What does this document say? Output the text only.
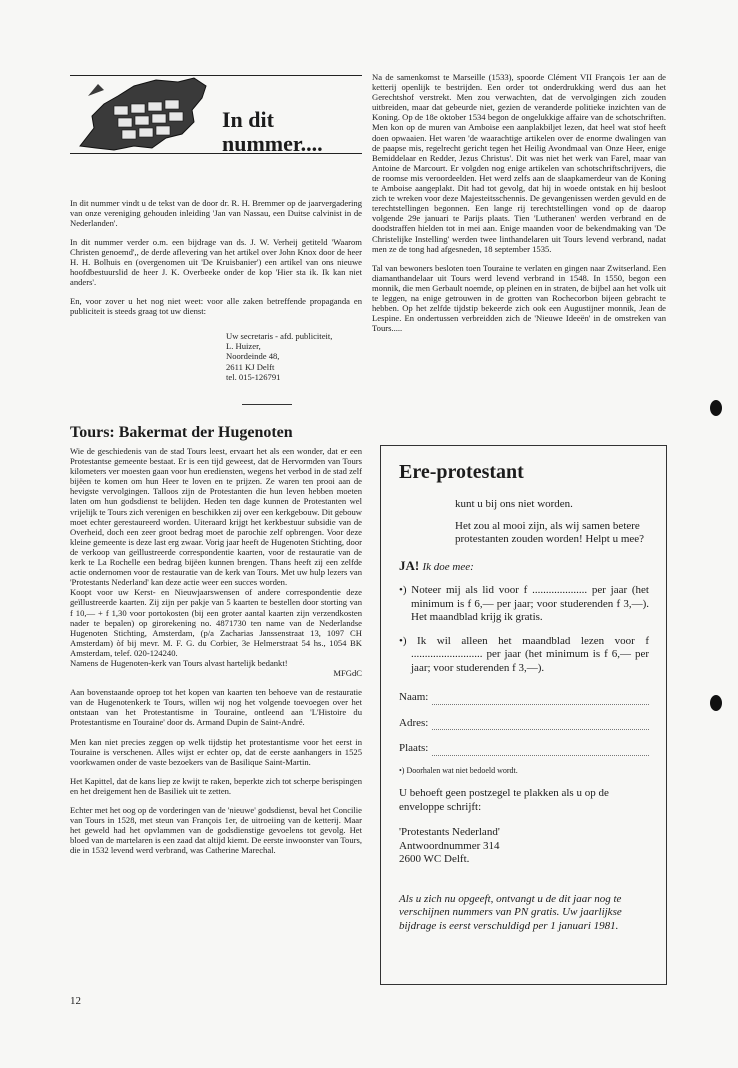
In dit nummer....

In dit nummer vindt u de tekst van de door dr. R. H. Bremmer op de jaarvergadering van onze vereniging gehouden inleiding 'Jan van Nassau, een Duitse calvinist in de Nederlanden'.

In dit nummer verder o.m. een bijdrage van ds. J. W. Verheij getiteld 'Waarom Christen genoemd',, de derde aflevering van het artikel over John Knox door de heer H. H. Bolhuis en (overgenomen uit 'De Kruisbanier') een artikel van ons nieuwe hoofdbestuurslid de heer J. K. Overbeeke onder de kop 'Hier sta ik. Ik kan niet anders'.

En, voor zover u het nog niet weet: voor alle zaken betreffende propaganda en publiciteit is steeds graag tot uw dienst:

Uw secretaris - afd. publiciteit,
L. Huizer,
Noordeinde 48,
2611 KJ Delft
tel. 015-126791
Tours: Bakermat der Hugenoten

Wie de geschiedenis van de stad Tours leest, ervaart het als een wonder, dat er een Protestantse gemeente bestaat. Er is een tijd geweest, dat de Hervormden van Tours kilometers ver moesten gaan voor hun erediensten, wegens het verbod in de stad zelf bijëen te komen om hun Heer te loven en te prijzen. Ze waren ten prooi aan de hevigste vervolgingen. Talloos zijn de Protestanten die hun leven hebben moeten laten om hun godsdienst te belijden. Heden ten dage kunnen de Protestanten wel vrijelijk te Tours zich verenigen en beschikken zij over een kerkgebouw. Dit gebouw moet echter gerestaureerd worden. Uiteraard krijgt het kerkbestuur subsidie van de Overheid, doch een zeer groot bedrag moet de parochie zelf opbrengen. Voor deze kleine gemeente is deze last erg zwaar. Vorig jaar heeft de Hugenoten Stichting, door de verkoop van geïllustreerde correspondentie kaarten, voor de restauratie van de kerk te La Rochelle een bedrag bijëen kunnen brengen. Thans heeft zij een zelfde actie ondernomen voor de restauratie van de kerk van Tours. Met uw hulp lezers van 'Protestants Nederland' kan deze actie weer een succes worden.

Koopt voor uw Kerst- en Nieuwjaarswensen of andere correspondentie deze geïllustreerde kaarten. Zij zijn per pakje van 5 kaarten te bestellen door storting van f 10,— + f 1,30 voor portokosten (bij een groter aantal kaarten zijn verzendkosten nader te bepalen) op girorekening no. 4871730 ten name van de Nederlandse Hugenoten Stichting, Amsterdam, (p/a Zacharias Janssenstraat 13, 1097 CH Amsterdam) òf bij mevr. M. F. G. du Corbier, 3e Helmerstraat 54 hs., 1054 BK Amsterdam, telef. 020-124240.

Namens de Hugenoten-kerk van Tours alvast hartelijk bedankt!

MFGdC

Aan bovenstaande oproep tot het kopen van kaarten ten behoeve van de restauratie van de Hugenotenkerk te Tours, willen wij nog het volgende toevoegen over het ontstaan van het Protestantisme in Touraine, ontleend aan 'L'Histoire du Protestantisme en Touraine' door ds. Armand Dupin de Saint-André.

Men kan niet precies zeggen op welk tijdstip het protestantisme voor het eerst in Touraine is verschenen. Alles wijst er echter op, dat de eerste aanhangers in 1525 voorkwamen onder de vaste bezoekers van de Basilique Saint-Martin.

Het Kapittel, dat de kans liep ze kwijt te raken, beperkte zich tot scherpe berispingen en het dreigement hen de Basiliek uit te zetten.

Echter met het oog op de vorderingen van de 'nieuwe' godsdienst, beval het Concilie van Tours in 1528, met steun van François 1er, de uitroeiing van de ketterij. Maar het geweld had het opvlammen van de godsdienstige gevoelens tot gevolg. Het bloed van de martelaren is een zaad dat altijd kiemt. De eerste inwoonster van Tours, die in 1532 levend werd verbrand, was Catherine Marechal.

Na de samenkomst te Marseille (1533), spoorde Clément VII François 1er aan de ketterij openlijk te bestrijden. Een order tot onderdrukking werd dus aan het Gerechtshof verstrekt. Men zou verwachten, dat de vervolgingen zich zouden uitbreiden, maar dat gebeurde niet, gezien de veranderde politieke inzichten van de Koning. Op de 18e oktober 1534 begon de ongelukkige affaire van de schotschriften. Men kon op de muren van Amboise een aanplakbiljet lezen, dat heel wat stof heeft doen opwaaien. Het waren 'de waarachtige artikelen over de enorme dwalingen van de paapse mis, regelrecht gericht tegen het Heilig Avondmaal van Onze Heer, enige Bemiddelaar en Redder, Jezus Christus'. Dit was niet het werk van Farel, maar van Antoine de Marcourt. Er volgden nog enige artikelen van schotschriftschrijvers, die de roomse mis veroordeelden. Het werd zelfs aan de slaapkamerdeur van de Koning te Amboise aangeplakt. Dit had tot gevolg, dat hij in woede ontstak en hij besloot zich te wreken voor deze Majesteitsschennis. De gevangenissen werden gevuld en de terechtstellingen begonnen. Een lange rij terechtstellingen vond op de daarop volgende 29e januari te Parijs plaats. Tien 'Lutheranen' werden verbrand en de doodstraffen hielden tot in mei aan. Enige maanden voor de bekendmaking van 'De Christelijke Instelling' werden twee linthandelaren uit Tours levend verbrand, nadat men ze de tong had afgesneden, 18 september 1535.

Tal van bewoners besloten toen Touraine te verlaten en gingen naar Zwitserland. Een diamanthandelaar uit Tours werd levend verbrand in 1548. In 1550, begon een monnik, die men Gerbault noemde, op pleinen en in straten, de bijbel aan het volk uit te leggen, na enige getrouwen in de grotten van Rochecorbon bijeen gebracht te hebben. Op het zelfde tijdstip bekeerde zich ook een Augustijner monnik, Jean de Lespine. En ondertussen verbreidden zich de 'Nieuwe Ideeën' in de omstreken van Tours.....

Ere-protestant
kunt u bij ons niet worden.
Het zou al mooi zijn, als wij samen betere protestanten zouden worden! Helpt u mee?
JA! Ik doe mee:
•) Noteer mij als lid voor f .................... per jaar (het minimum is f 6,— per jaar; voor studerenden f 3,—). Het maandblad krijg ik gratis.
•) Ik wil alleen het maandblad lezen voor f .......................... per jaar (het minimum is f 6,— per jaar; voor studerenden f 3,—).
Naam:
Adres:
Plaats:
•) Doorhalen wat niet bedoeld wordt.
U behoeft geen postzegel te plakken als u op de enveloppe schrijft:
'Protestants Nederland'
Antwoordnummer 314
2600 WC Delft.
Als u zich nu opgeeft, ontvangt u de dit jaar nog te verschijnen nummers van PN gratis. Uw jaarlijkse bijdrage is eerst verschuldigd per 1 januari 1981.
12
